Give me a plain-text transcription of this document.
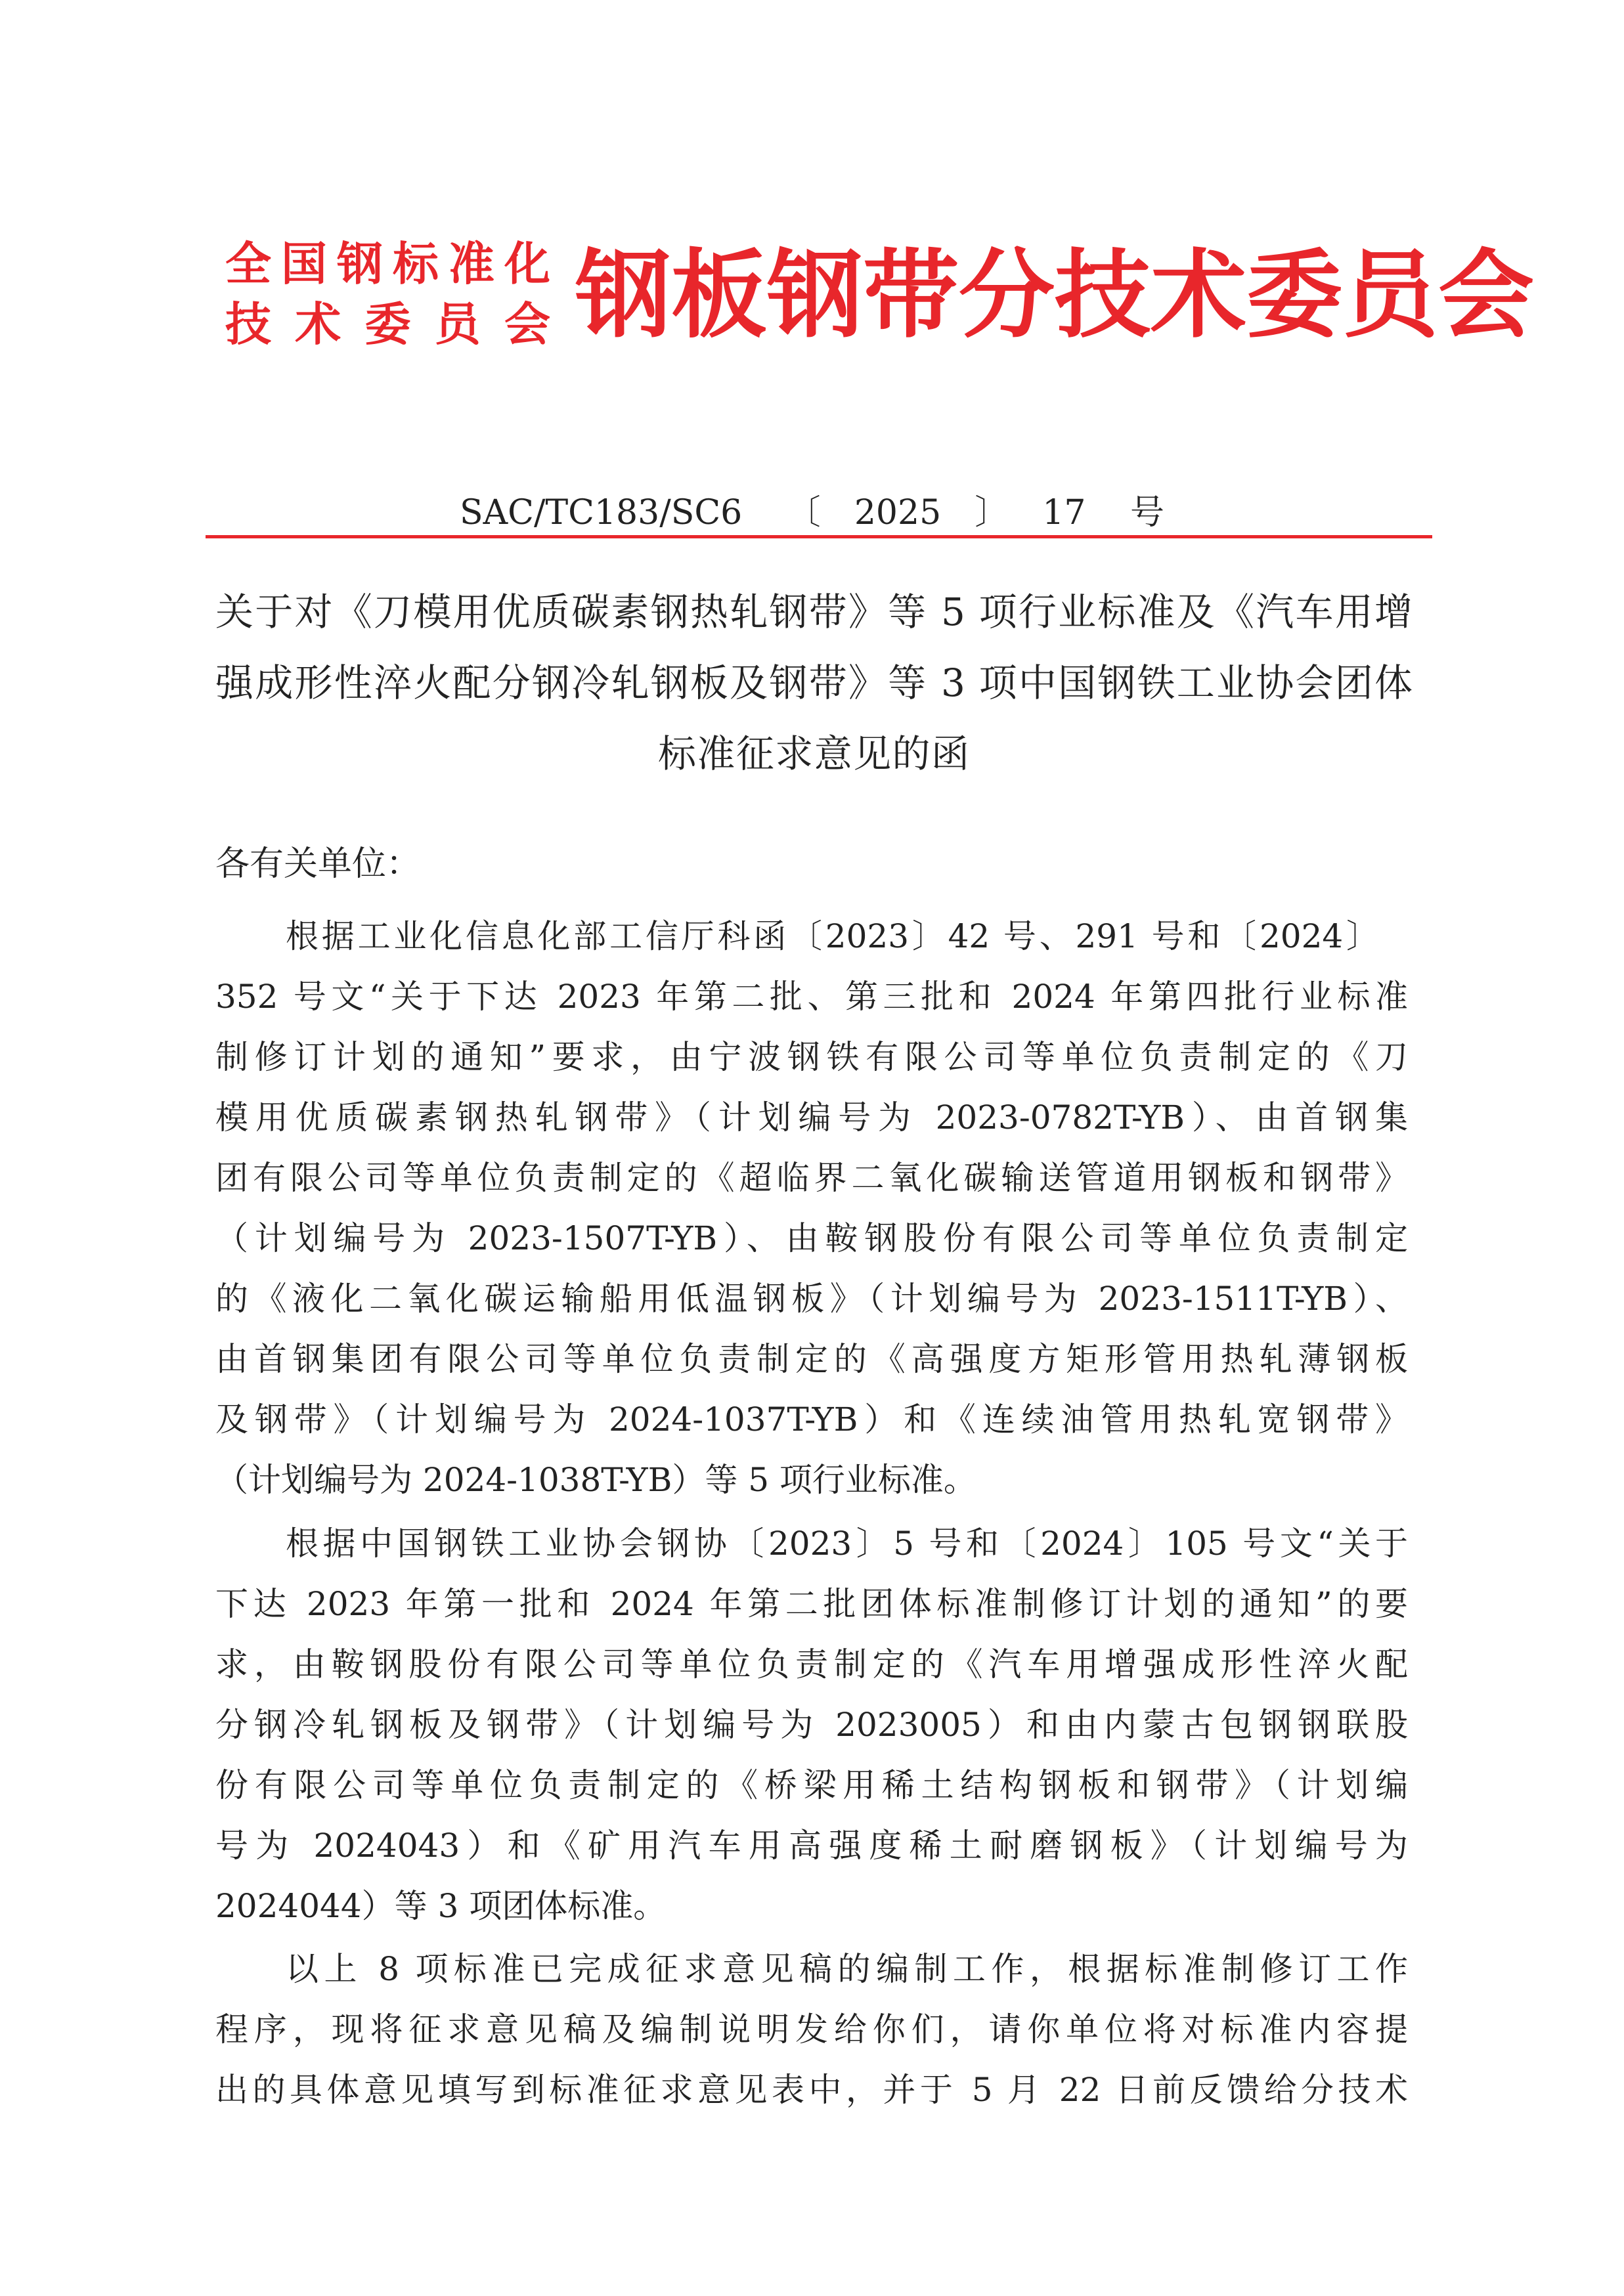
全国钢标准化
技术委员会 钢板钢带分技术委员会
SAC/TC183/SC6 〔2025〕17 号
关于对《刀模用优质碳素钢热轧钢带》等 5 项行业标准及《汽车用增
强成形性淬火配分钢冷轧钢板及钢带》等 3 项中国钢铁工业协会团体
标准征求意见的函
各有关单位：
根据工业化信息化部工信厅科函〔2023〕42 号、291 号和〔2024〕
352 号文“关于下达 2023 年第二批、第三批和 2024 年第四批行业标准
制修订计划的通知”要求，由宁波钢铁有限公司等单位负责制定的《刀
模用优质碳素钢热轧钢带》（计划编号为 2023-0782T-YB）、由首钢集
团有限公司等单位负责制定的《超临界二氧化碳输送管道用钢板和钢带》
（计划编号为 2023-1507T-YB）、由鞍钢股份有限公司等单位负责制定
的《液化二氧化碳运输船用低温钢板》（计划编号为 2023-1511T-YB）、
由首钢集团有限公司等单位负责制定的《高强度方矩形管用热轧薄钢板
及钢带》（计划编号为 2024-1037T-YB）和《连续油管用热轧宽钢带》
（计划编号为 2024-1038T-YB）等 5 项行业标准。
根据中国钢铁工业协会钢协〔2023〕5 号和〔2024〕105 号文“关于
下达 2023 年第一批和 2024 年第二批团体标准制修订计划的通知”的要
求，由鞍钢股份有限公司等单位负责制定的《汽车用增强成形性淬火配
分钢冷轧钢板及钢带》（计划编号为 2023005）和由内蒙古包钢钢联股
份有限公司等单位负责制定的《桥梁用稀土结构钢板和钢带》（计划编
号为 2024043）和《矿用汽车用高强度稀土耐磨钢板》（计划编号为
2024044）等 3 项团体标准。
以上 8 项标准已完成征求意见稿的编制工作，根据标准制修订工作
程序，现将征求意见稿及编制说明发给你们，请你单位将对标准内容提
出的具体意见填写到标准征求意见表中，并于 5 月 22 日前反馈给分技术
